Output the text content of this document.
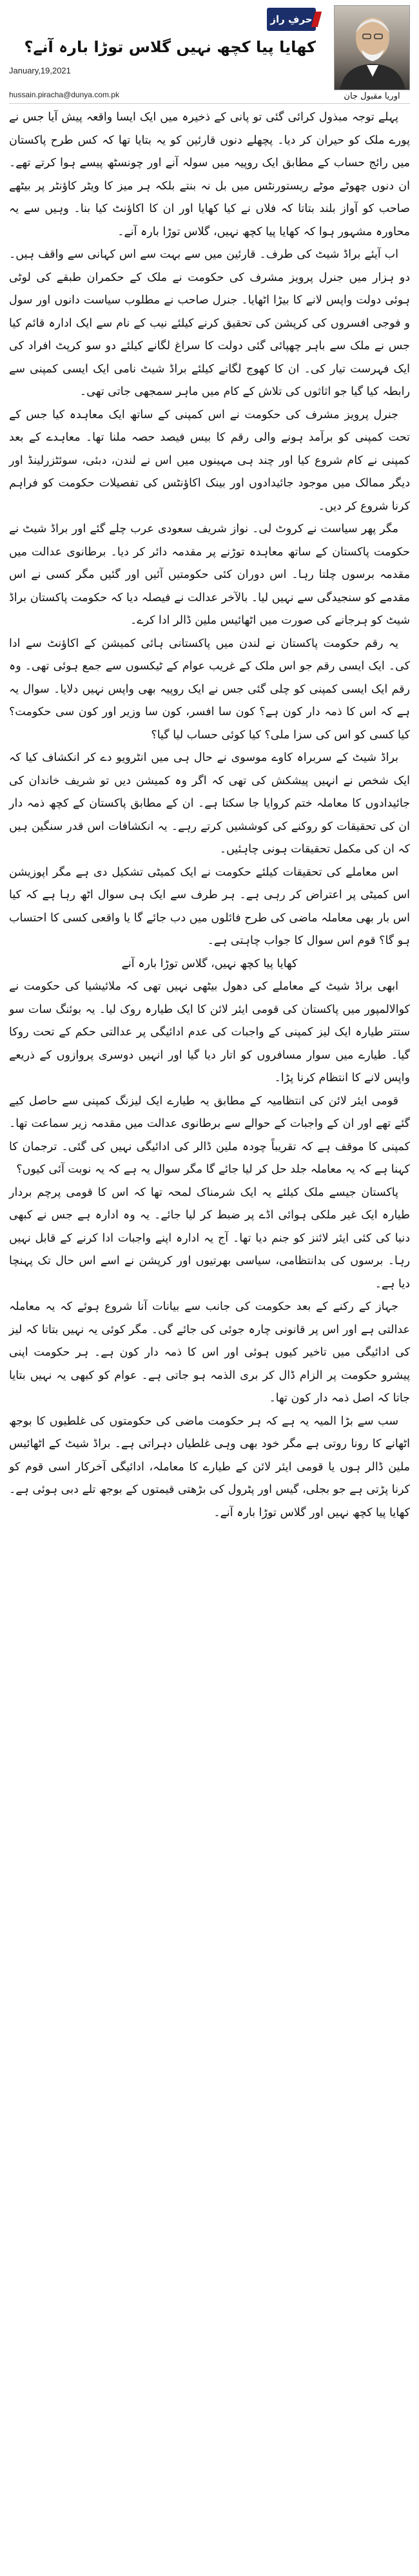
اوریا مقبول جان
حرفِ راز
کھایا پیا کچھ نہیں گلاس توڑا بارہ آنے؟
January,19,2021
hussain.piracha@dunya.com.pk

پہلے توجہ مبذول کرائی گئی تو پانی کے ذخیرہ میں ایک ایسا واقعہ پیش آیا جس نے پورے ملک کو حیران کر دیا۔ پچھلے دنوں قارئین کو یہ بتایا تھا کہ کس طرح پاکستان میں رائج حساب کے مطابق ایک روپیہ میں سولہ آنے اور چونسٹھ پیسے ہوا کرتے تھے۔ ان دنوں چھوٹے موٹے ریستورنٹس میں بل نہ بنتے بلکہ ہر میز کا ویٹر کاؤنٹر پر بیٹھے صاحب کو آواز بلند بتاتا کہ فلاں نے کیا کھایا اور ان کا اکاؤنٹ کیا بنا۔ وہیں سے یہ محاورہ مشہور ہوا کہ کھایا پیا کچھ نہیں، گلاس توڑا بارہ آنے۔

اب آیئے براڈ شیٹ کی طرف۔ قارئین میں سے بہت سے اس کہانی سے واقف ہیں۔ دو ہزار میں جنرل پرویز مشرف کی حکومت نے ملک کے حکمران طبقے کی لوٹی ہوئی دولت واپس لانے کا بیڑا اٹھایا۔ جنرل صاحب نے مطلوب سیاست دانوں اور سول و فوجی افسروں کی کرپشن کی تحقیق کرنے کیلئے نیب کے نام سے ایک ادارہ قائم کیا جس نے ملک سے باہر چھپائی گئی دولت کا سراغ لگانے کیلئے دو سو کرپٹ افراد کی ایک فہرست تیار کی۔ ان کا کھوج لگانے کیلئے براڈ شیٹ نامی ایک ایسی کمپنی سے رابطہ کیا گیا جو اثاثوں کی تلاش کے کام میں ماہر سمجھی جاتی تھی۔

جنرل پرویز مشرف کی حکومت نے اس کمپنی کے ساتھ ایک معاہدہ کیا جس کے تحت کمپنی کو برآمد ہونے والی رقم کا بیس فیصد حصہ ملنا تھا۔ معاہدے کے بعد کمپنی نے کام شروع کیا اور چند ہی مہینوں میں اس نے لندن، دبئی، سوئٹزرلینڈ اور دیگر ممالک میں موجود جائیدادوں اور بینک اکاؤنٹس کی تفصیلات حکومت کو فراہم کرنا شروع کر دیں۔

مگر پھر سیاست نے کروٹ لی۔ نواز شریف سعودی عرب چلے گئے اور براڈ شیٹ نے حکومت پاکستان کے ساتھ معاہدہ توڑنے پر مقدمہ دائر کر دیا۔ برطانوی عدالت میں مقدمہ برسوں چلتا رہا۔ اس دوران کئی حکومتیں آئیں اور گئیں مگر کسی نے اس مقدمے کو سنجیدگی سے نہیں لیا۔ بالآخر عدالت نے فیصلہ دیا کہ حکومت پاکستان براڈ شیٹ کو ہرجانے کی صورت میں اٹھائیس ملین ڈالر ادا کرے۔

یہ رقم حکومت پاکستان نے لندن میں پاکستانی ہائی کمیشن کے اکاؤنٹ سے ادا کی۔ ایک ایسی رقم جو اس ملک کے غریب عوام کے ٹیکسوں سے جمع ہوئی تھی۔ وہ رقم ایک ایسی کمپنی کو چلی گئی جس نے ایک روپیہ بھی واپس نہیں دلایا۔ سوال یہ ہے کہ اس کا ذمہ دار کون ہے؟ کون سا افسر، کون سا وزیر اور کون سی حکومت؟ کیا کسی کو اس کی سزا ملی؟ کیا کوئی حساب لیا گیا؟

براڈ شیٹ کے سربراہ کاوے موسوی نے حال ہی میں انٹرویو دے کر انکشاف کیا کہ ایک شخص نے انہیں پیشکش کی تھی کہ اگر وہ کمیشن دیں تو شریف خاندان کی جائیدادوں کا معاملہ ختم کروایا جا سکتا ہے۔ ان کے مطابق پاکستان کے کچھ ذمہ دار ان کی تحقیقات کو روکنے کی کوششیں کرتے رہے۔ یہ انکشافات اس قدر سنگین ہیں کہ ان کی مکمل تحقیقات ہونی چاہئیں۔

اس معاملے کی تحقیقات کیلئے حکومت نے ایک کمیٹی تشکیل دی ہے مگر اپوزیشن اس کمیٹی پر اعتراض کر رہی ہے۔ ہر طرف سے ایک ہی سوال اٹھ رہا ہے کہ کیا اس بار بھی معاملہ ماضی کی طرح فائلوں میں دب جائے گا یا واقعی کسی کا احتساب ہو گا؟ قوم اس سوال کا جواب چاہتی ہے۔

کھایا پیا کچھ نہیں، گلاس توڑا بارہ آنے

ابھی براڈ شیٹ کے معاملے کی دھول بیٹھی نہیں تھی کہ ملائیشیا کی حکومت نے کوالالمپور میں پاکستان کی قومی ایئر لائن کا ایک طیارہ روک لیا۔ یہ بوئنگ سات سو ستتر طیارہ ایک لیز کمپنی کے واجبات کی عدم ادائیگی پر عدالتی حکم کے تحت روکا گیا۔ طیارے میں سوار مسافروں کو اتار دیا گیا اور انہیں دوسری پروازوں کے ذریعے واپس لانے کا انتظام کرنا پڑا۔

قومی ایئر لائن کی انتظامیہ کے مطابق یہ طیارے ایک لیزنگ کمپنی سے حاصل کیے گئے تھے اور ان کے واجبات کے حوالے سے برطانوی عدالت میں مقدمہ زیر سماعت تھا۔ کمپنی کا موقف ہے کہ تقریباً چودہ ملین ڈالر کی ادائیگی نہیں کی گئی۔ ترجمان کا کہنا ہے کہ یہ معاملہ جلد حل کر لیا جائے گا مگر سوال یہ ہے کہ یہ نوبت آئی کیوں؟

پاکستان جیسے ملک کیلئے یہ ایک شرمناک لمحہ تھا کہ اس کا قومی پرچم بردار طیارہ ایک غیر ملکی ہوائی اڈے پر ضبط کر لیا جائے۔ یہ وہ ادارہ ہے جس نے کبھی دنیا کی کئی ایئر لائنز کو جنم دیا تھا۔ آج یہ ادارہ اپنے واجبات ادا کرنے کے قابل نہیں رہا۔ برسوں کی بدانتظامی، سیاسی بھرتیوں اور کرپشن نے اسے اس حال تک پہنچا دیا ہے۔

جہاز کے رکنے کے بعد حکومت کی جانب سے بیانات آنا شروع ہوئے کہ یہ معاملہ عدالتی ہے اور اس پر قانونی چارہ جوئی کی جائے گی۔ مگر کوئی یہ نہیں بتاتا کہ لیز کی ادائیگی میں تاخیر کیوں ہوئی اور اس کا ذمہ دار کون ہے۔ ہر حکومت اپنی پیشرو حکومت پر الزام ڈال کر بری الذمہ ہو جاتی ہے۔ عوام کو کبھی یہ نہیں بتایا جاتا کہ اصل ذمہ دار کون تھا۔

سب سے بڑا المیہ یہ ہے کہ ہر حکومت ماضی کی حکومتوں کی غلطیوں کا بوجھ اٹھانے کا رونا روتی ہے مگر خود بھی وہی غلطیاں دہراتی ہے۔ براڈ شیٹ کے اٹھائیس ملین ڈالر ہوں یا قومی ایئر لائن کے طیارے کا معاملہ، ادائیگی آخرکار اسی قوم کو کرنا پڑتی ہے جو بجلی، گیس اور پٹرول کی بڑھتی قیمتوں کے بوجھ تلے دبی ہوئی ہے۔ کھایا پیا کچھ نہیں اور گلاس توڑا بارہ آنے۔
